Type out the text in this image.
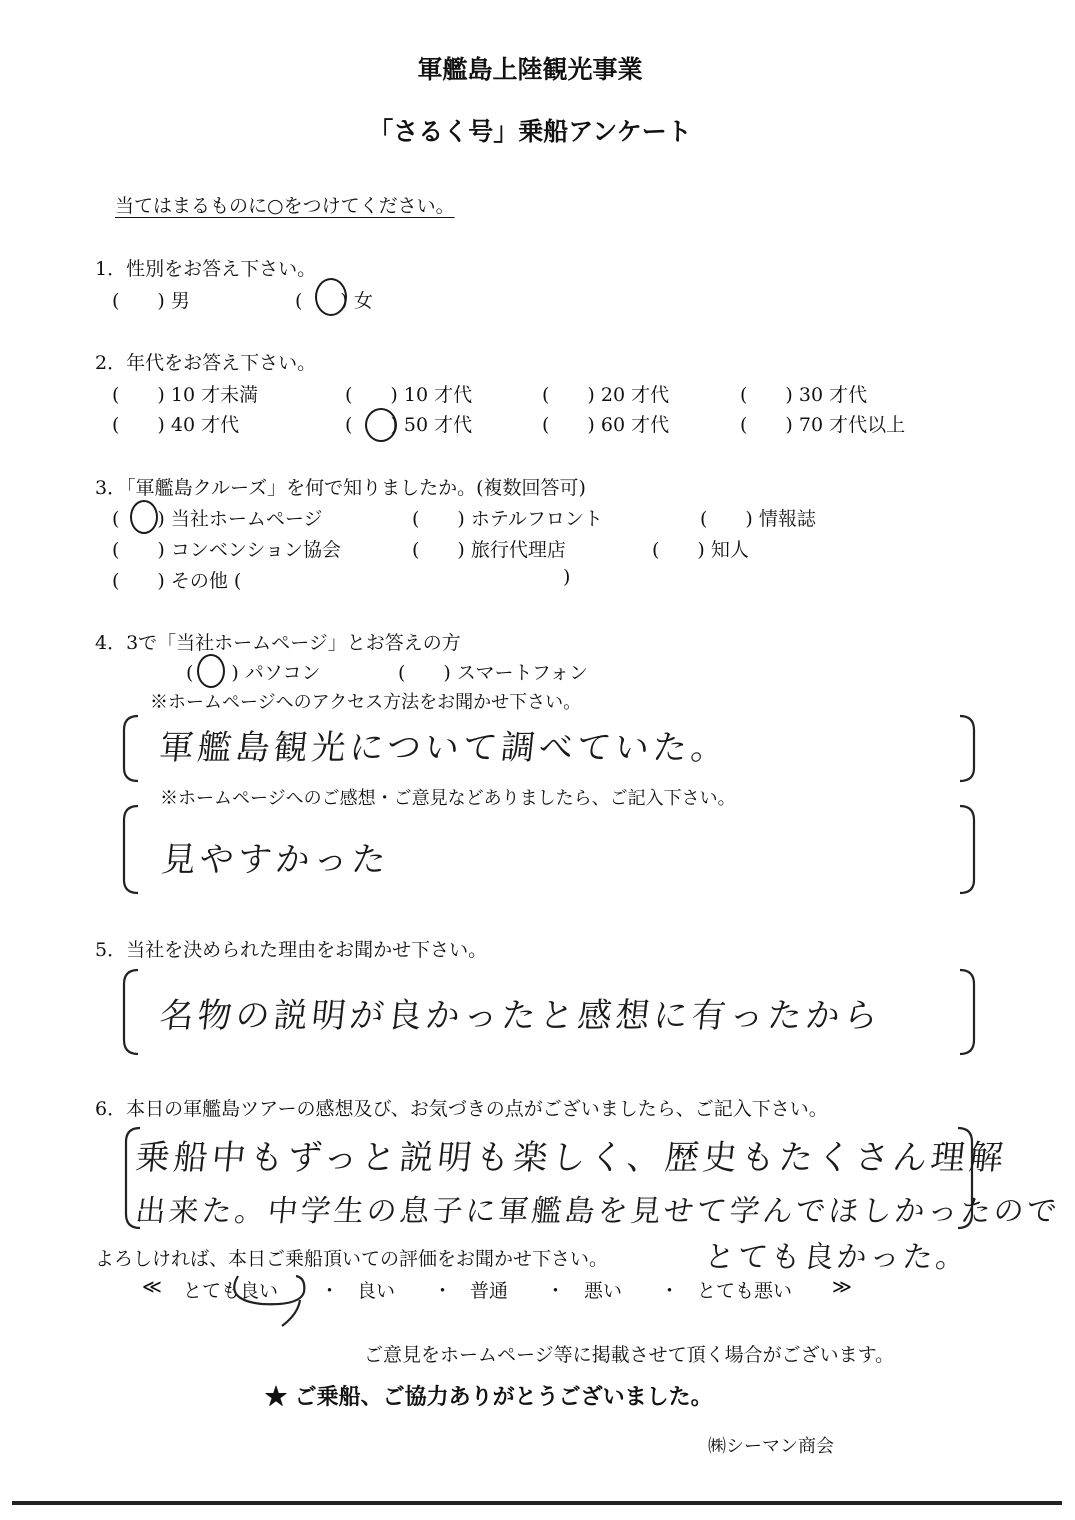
軍艦島上陸観光事業
「さるく号」乗船アンケート
当てはまるものに○をつけてください。
1．性別をお答え下さい。
(　　) 男	(　　) 女
2．年代をお答え下さい。
(　　) 10 才未満	(　　) 10 才代	(　　) 20 才代	(　　) 30 才代
(　　) 40 才代	(　　) 50 才代	(　　) 60 才代	(　　) 70 才代以上
3．「軍艦島クルーズ」を何で知りましたか。(複数回答可)
(　　) 当社ホームページ	(　　) ホテルフロント	(　　) 情報誌
(　　) コンベンション協会	(　　) 旅行代理店	(　　) 知人
(　　) その他 (	)
4．3で「当社ホームページ」とお答えの方
(　　) パソコン	(　　) スマートフォン
※ホームページへのアクセス方法をお聞かせ下さい。
軍艦島観光について調べていた。
※ホームページへのご感想・ご意見などありましたら、ご記入下さい。
見やすかった
5．当社を決められた理由をお聞かせ下さい。
名物の説明が良かったと感想に有ったから
6．本日の軍艦島ツアーの感想及び、お気づきの点がございましたら、ご記入下さい。
乗船中もずっと説明も楽しく、歴史もたくさん理解
出来た。中学生の息子に軍艦島を見せて学んでほしかったので
とても良かった。
よろしければ、本日ご乗船頂いての評価をお聞かせ下さい。
≪ とても良い ・ 良い ・ 普通 ・ 悪い ・ とても悪い ≫
ご意見をホームページ等に掲載させて頂く場合がございます。
★ ご乗船、ご協力ありがとうございました。
㈱シーマン商会
